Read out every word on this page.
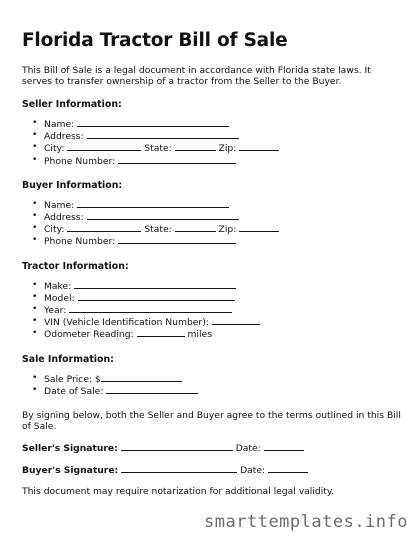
Florida Tractor Bill of Sale

This Bill of Sale is a legal document in accordance with Florida state laws. It serves to transfer ownership of a tractor from the Seller to the Buyer.

Seller Information:
• Name:
• Address:
• City:	State:	Zip:
• Phone Number:
Buyer Information:
• Name:
• Address:
• City:	State:	Zip:
• Phone Number:
Tractor Information:
• Make:
• Model:
• Year:
• VIN (Vehicle Identification Number):
• Odometer Reading:	miles
Sale Information:
• Sale Price: $
• Date of Sale:

By signing below, both the Seller and Buyer agree to the terms outlined in this Bill of Sale.

Seller's Signature:	Date:

Buyer's Signature:	Date:

This document may require notarization for additional legal validity.

smarttemplates.info
